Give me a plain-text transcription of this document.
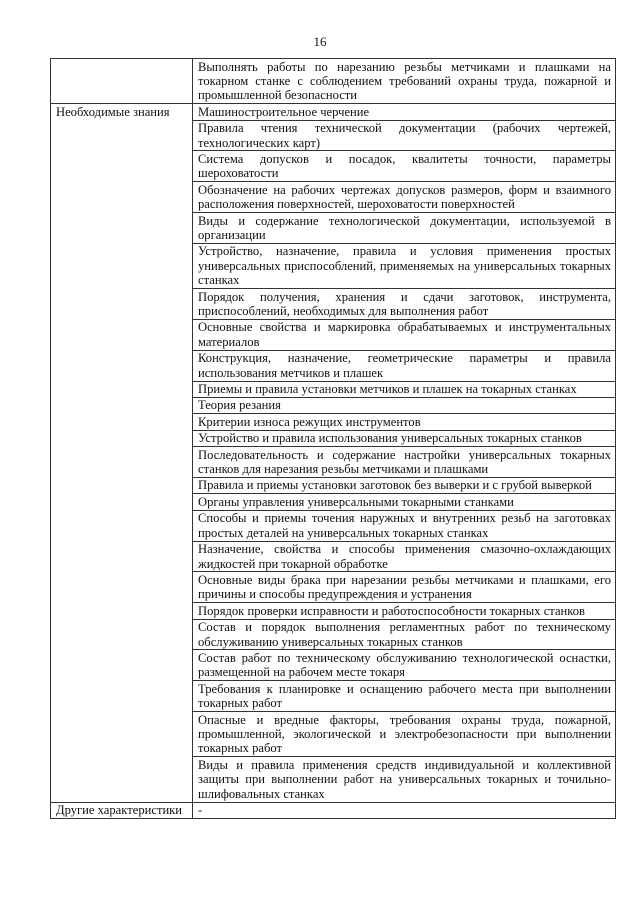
16
	Выполнять работы по нарезанию резьбы метчиками и плашками на токарном станке с соблюдением требований охраны труда, пожарной и промышленной безопасности
Необходимые знания	Машиностроительное черчение
	Правила чтения технической документации (рабочих чертежей, технологических карт)
	Система допусков и посадок, квалитеты точности, параметры шероховатости
	Обозначение на рабочих чертежах допусков размеров, форм и взаимного расположения поверхностей, шероховатости поверхностей
	Виды и содержание технологической документации, используемой в организации
	Устройство, назначение, правила и условия применения простых универсальных приспособлений, применяемых на универсальных токарных станках
	Порядок получения, хранения и сдачи заготовок, инструмента, приспособлений, необходимых для выполнения работ
	Основные свойства и маркировка обрабатываемых и инструментальных материалов
	Конструкция, назначение, геометрические параметры и правила использования метчиков и плашек
	Приемы и правила установки метчиков и плашек на токарных станках
	Теория резания
	Критерии износа режущих инструментов
	Устройство и правила использования универсальных токарных станков
	Последовательность и содержание настройки универсальных токарных станков для нарезания резьбы метчиками и плашками
	Правила и приемы установки заготовок без выверки и с грубой выверкой
	Органы управления универсальными токарными станками
	Способы и приемы точения наружных и внутренних резьб на заготовках простых деталей на универсальных токарных станках
	Назначение, свойства и способы применения смазочно-охлаждающих жидкостей при токарной обработке
	Основные виды брака при нарезании резьбы метчиками и плашками, его причины и способы предупреждения и устранения
	Порядок проверки исправности и работоспособности токарных станков
	Состав и порядок выполнения регламентных работ по техническому обслуживанию универсальных токарных станков
	Состав работ по техническому обслуживанию технологической оснастки, размещенной на рабочем месте токаря
	Требования к планировке и оснащению рабочего места при выполнении токарных работ
	Опасные и вредные факторы, требования охраны труда, пожарной, промышленной, экологической и электробезопасности при выполнении токарных работ
	Виды и правила применения средств индивидуальной и коллективной защиты при выполнении работ на универсальных токарных и точильно-шлифовальных станках
Другие характеристики	-
